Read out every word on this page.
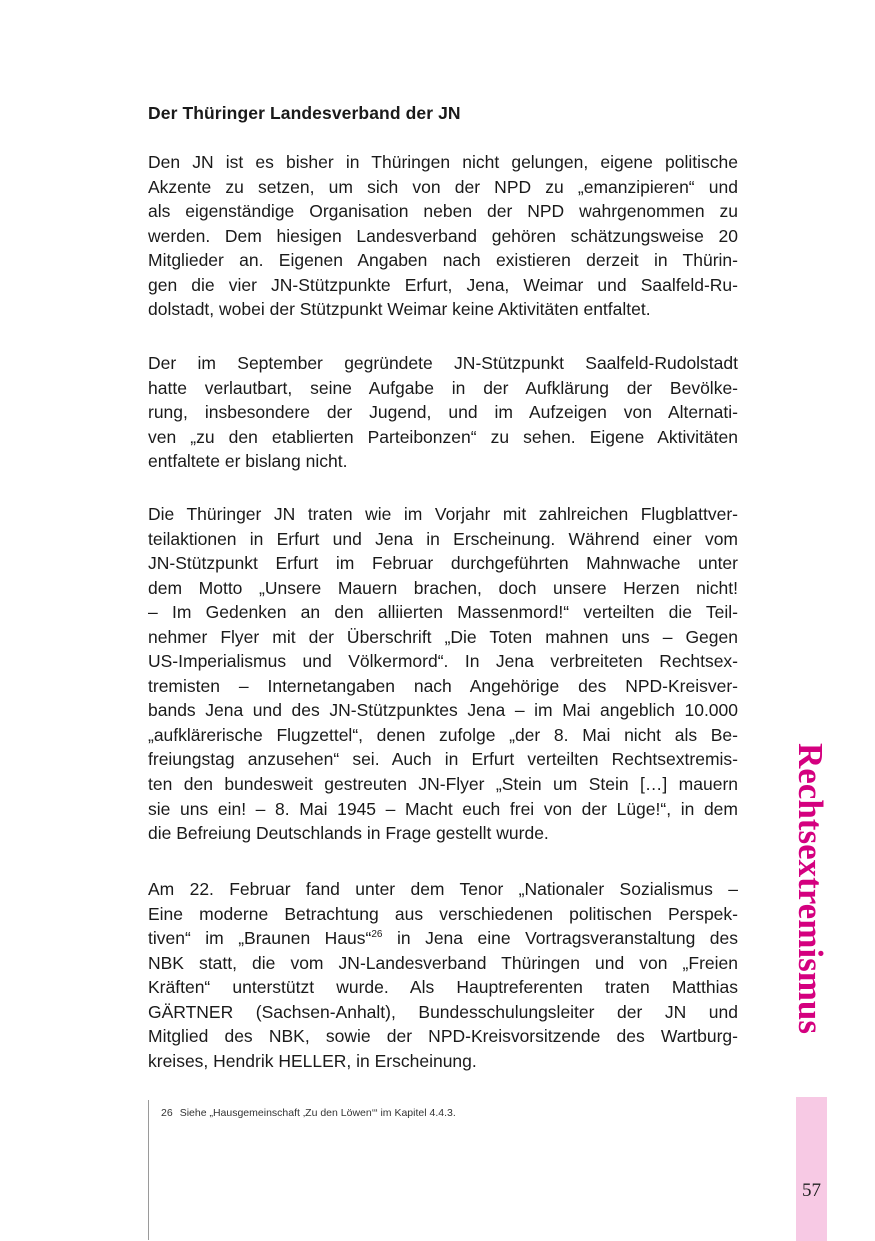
Der Thüringer Landesverband der JN
Den JN ist es bisher in Thüringen nicht gelungen, eigene politische
Akzente zu setzen, um sich von der NPD zu „emanzipieren“ und
als eigenständige Organisation neben der NPD wahrgenommen zu
werden. Dem hiesigen Landesverband gehören schätzungsweise 20
Mitglieder an. Eigenen Angaben nach existieren derzeit in Thürin-
gen die vier JN-Stützpunkte Erfurt, Jena, Weimar und Saalfeld-Ru-
dolstadt, wobei der Stützpunkt Weimar keine Aktivitäten entfaltet.
Der im September gegründete JN-Stützpunkt Saalfeld-Rudolstadt
hatte verlautbart, seine Aufgabe in der Aufklärung der Bevölke-
rung, insbesondere der Jugend, und im Aufzeigen von Alternati-
ven „zu den etablierten Parteibonzen“ zu sehen. Eigene Aktivitäten
entfaltete er bislang nicht.
Die Thüringer JN traten wie im Vorjahr mit zahlreichen Flugblattver-
teilaktionen in Erfurt und Jena in Erscheinung. Während einer vom
JN-Stützpunkt Erfurt im Februar durchgeführten Mahnwache unter
dem Motto „Unsere Mauern brachen, doch unsere Herzen nicht!
– Im Gedenken an den alliierten Massenmord!“ verteilten die Teil-
nehmer Flyer mit der Überschrift „Die Toten mahnen uns – Gegen
US-Imperialismus und Völkermord“. In Jena verbreiteten Rechtsex-
tremisten – Internetangaben nach Angehörige des NPD-Kreisver-
bands Jena und des JN-Stützpunktes Jena – im Mai angeblich 10.000
„aufklärerische Flugzettel“, denen zufolge „der 8. Mai nicht als Be-
freiungstag anzusehen“ sei. Auch in Erfurt verteilten Rechtsextremis-
ten den bundesweit gestreuten JN-Flyer „Stein um Stein […] mauern
sie uns ein! – 8. Mai 1945 – Macht euch frei von der Lüge!“, in dem
die Befreiung Deutschlands in Frage gestellt wurde.
Am 22. Februar fand unter dem Tenor „Nationaler Sozialismus –
Eine moderne Betrachtung aus verschiedenen politischen Perspek-
tiven“ im „Braunen Haus“$^{26}$ in Jena eine Vortragsveranstaltung des
NBK statt, die vom JN-Landesverband Thüringen und von „Freien
Kräften“ unterstützt wurde. Als Hauptreferenten traten Matthias
GÄRTNER (Sachsen-Anhalt), Bundesschulungsleiter der JN und
Mitglied des NBK, sowie der NPD-Kreisvorsitzende des Wartburg-
kreises, Hendrik HELLER, in Erscheinung.
26 Siehe „Hausgemeinschaft ‚Zu den Löwen‘“ im Kapitel 4.4.3.
Rechtsextremismus
57
